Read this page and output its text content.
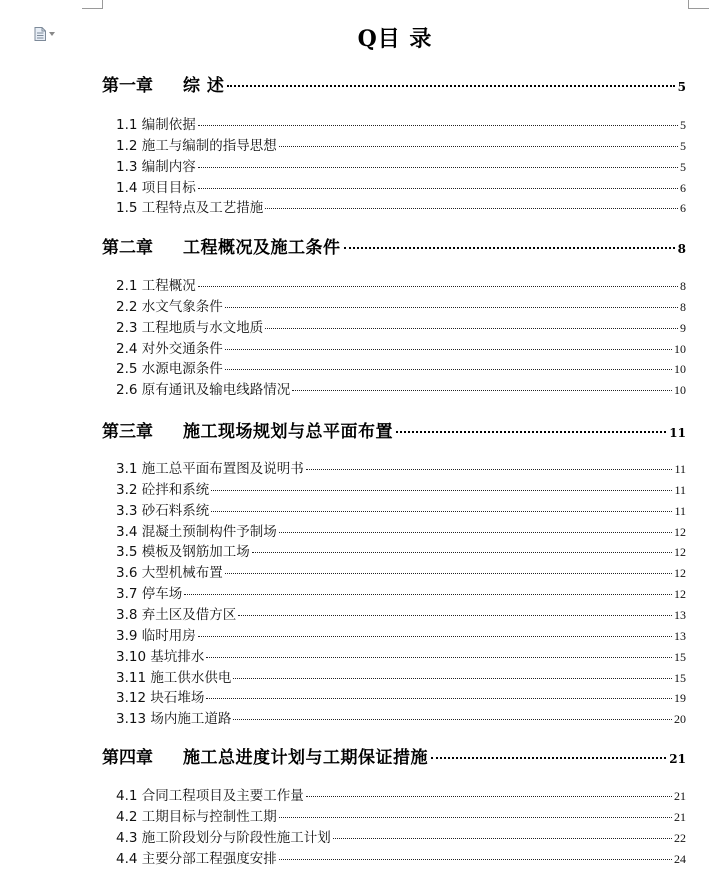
Q目 录
第一章 综 述	5
1.1 编制依据	5
1.2 施工与编制的指导思想	5
1.3 编制内容	5
1.4 项目目标	6
1.5 工程特点及工艺措施	6
第二章 工程概况及施工条件	8
2.1 工程概况	8
2.2 水文气象条件	8
2.3 工程地质与水文地质	9
2.4 对外交通条件	10
2.5 水源电源条件	10
2.6 原有通讯及输电线路情况	10
第三章 施工现场规划与总平面布置	11
3.1 施工总平面布置图及说明书	11
3.2 砼拌和系统	11
3.3 砂石料系统	11
3.4 混凝土预制构件予制场	12
3.5 模板及钢筋加工场	12
3.6 大型机械布置	12
3.7 停车场	12
3.8 弃土区及借方区	13
3.9 临时用房	13
3.10 基坑排水	15
3.11 施工供水供电	15
3.12 块石堆场	19
3.13 场内施工道路	20
第四章 施工总进度计划与工期保证措施	21
4.1 合同工程项目及主要工作量	21
4.2 工期目标与控制性工期	21
4.3 施工阶段划分与阶段性施工计划	22
4.4 主要分部工程强度安排	24
